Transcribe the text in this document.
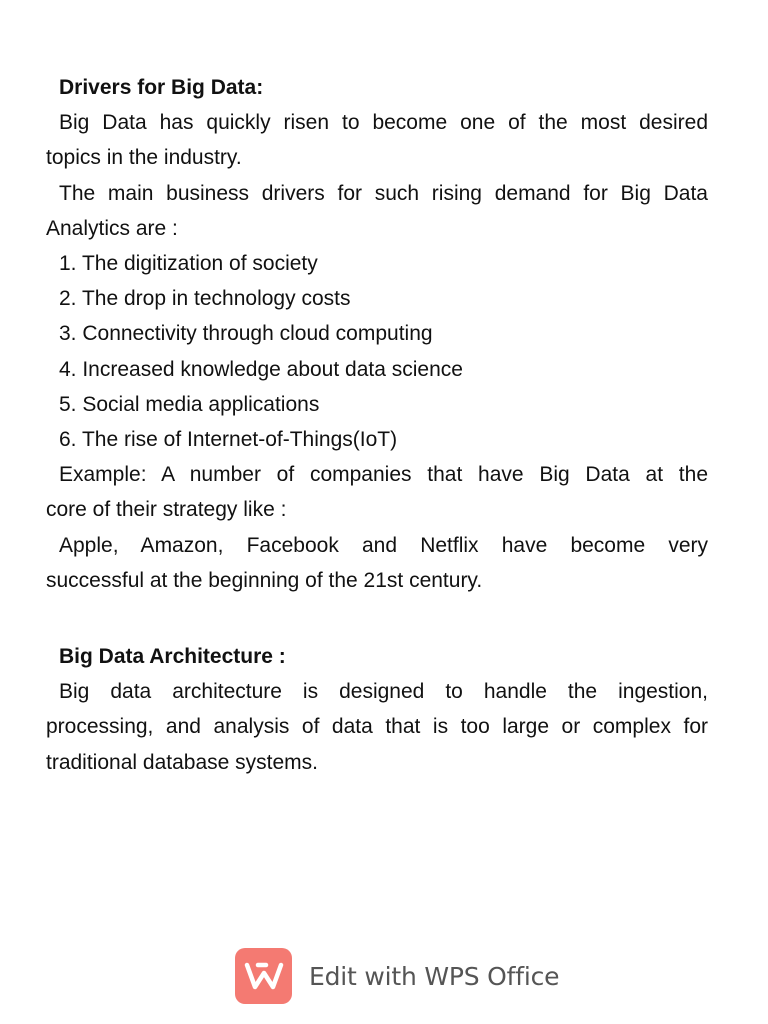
Drivers for Big Data:
Big Data has quickly risen to become one of the most desired
topics in the industry.
The main business drivers for such rising demand for Big Data
Analytics are :
1. The digitization of society
2. The drop in technology costs
3. Connectivity through cloud computing
4. Increased knowledge about data science
5. Social media applications
6. The rise of Internet-of-Things(IoT)
Example: A number of companies that have Big Data at the
core of their strategy like :
Apple, Amazon, Facebook and Netflix have become very
successful at the beginning of the 21st century.
Big Data Architecture :
Big data architecture is designed to handle the ingestion,
processing, and analysis of data that is too large or complex for
traditional database systems.
Edit with WPS Office
